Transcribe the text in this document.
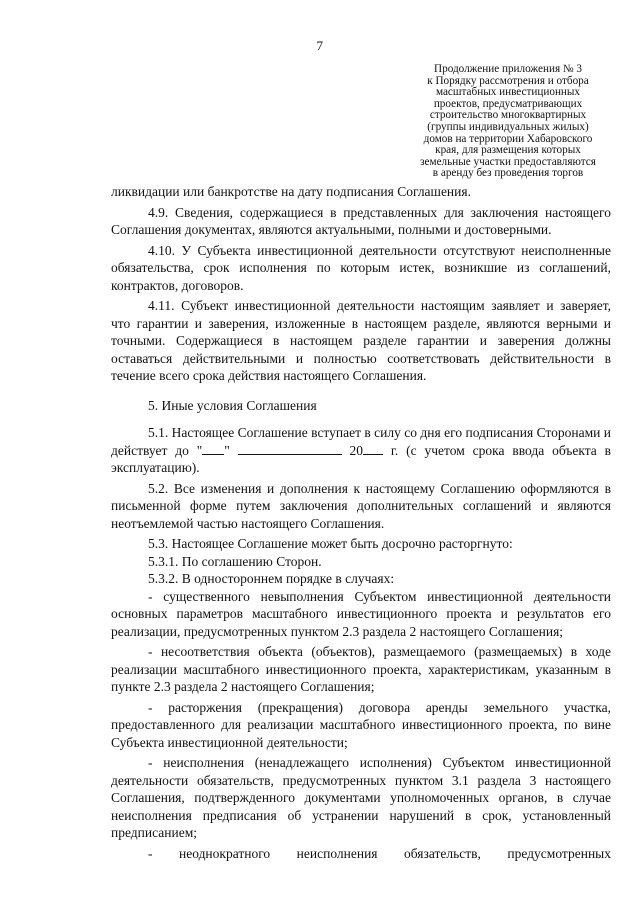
7
Продолжение приложения № 3
к Порядку рассмотрения и отбора
масштабных инвестиционных
проектов, предусматривающих
строительство многоквартирных
(группы индивидуальных жилых)
домов на территории Хабаровского
края, для размещения которых
земельные участки предоставляются
в аренду без проведения торгов

ликвидации или банкротстве на дату подписания Соглашения.

4.9. Сведения, содержащиеся в представленных для заключения настоящего Соглашения документах, являются актуальными, полными и достоверными.

4.10. У Субъекта инвестиционной деятельности отсутствуют неисполненные обязательства, срок исполнения по которым истек, возникшие из соглашений, контрактов, договоров.

4.11. Субъект инвестиционной деятельности настоящим заявляет и заверяет, что гарантии и заверения, изложенные в настоящем разделе, являются верными и точными. Содержащиеся в настоящем разделе гарантии и заверения должны оставаться действительными и полностью соответствовать действительности в течение всего срока действия настоящего Соглашения.

5. Иные условия Соглашения

5.1. Настоящее Соглашение вступает в силу со дня его подписания Сторонами и действует до " "	20 г. (с учетом срока ввода объекта в эксплуатацию).

5.2. Все изменения и дополнения к настоящему Соглашению оформляются в письменной форме путем заключения дополнительных соглашений и являются неотъемлемой частью настоящего Соглашения.

5.3. Настоящее Соглашение может быть досрочно расторгнуто:

5.3.1. По соглашению Сторон.

5.3.2. В одностороннем порядке в случаях:

- существенного невыполнения Субъектом инвестиционной деятельности основных параметров масштабного инвестиционного проекта и результатов его реализации, предусмотренных пунктом 2.3 раздела 2 настоящего Соглашения;

- несоответствия объекта (объектов), размещаемого (размещаемых) в ходе реализации масштабного инвестиционного проекта, характеристикам, указанным в пункте 2.3 раздела 2 настоящего Соглашения;

- расторжения (прекращения) договора аренды земельного участка, предоставленного для реализации масштабного инвестиционного проекта, по вине Субъекта инвестиционной деятельности;

- неисполнения (ненадлежащего исполнения) Субъектом инвестиционной деятельности обязательств, предусмотренных пунктом 3.1 раздела 3 настоящего Соглашения, подтвержденного документами уполномоченных органов, в случае неисполнения предписания об устранении нарушений в срок, установленный предписанием;

- неоднократного неисполнения обязательств, предусмотренных
